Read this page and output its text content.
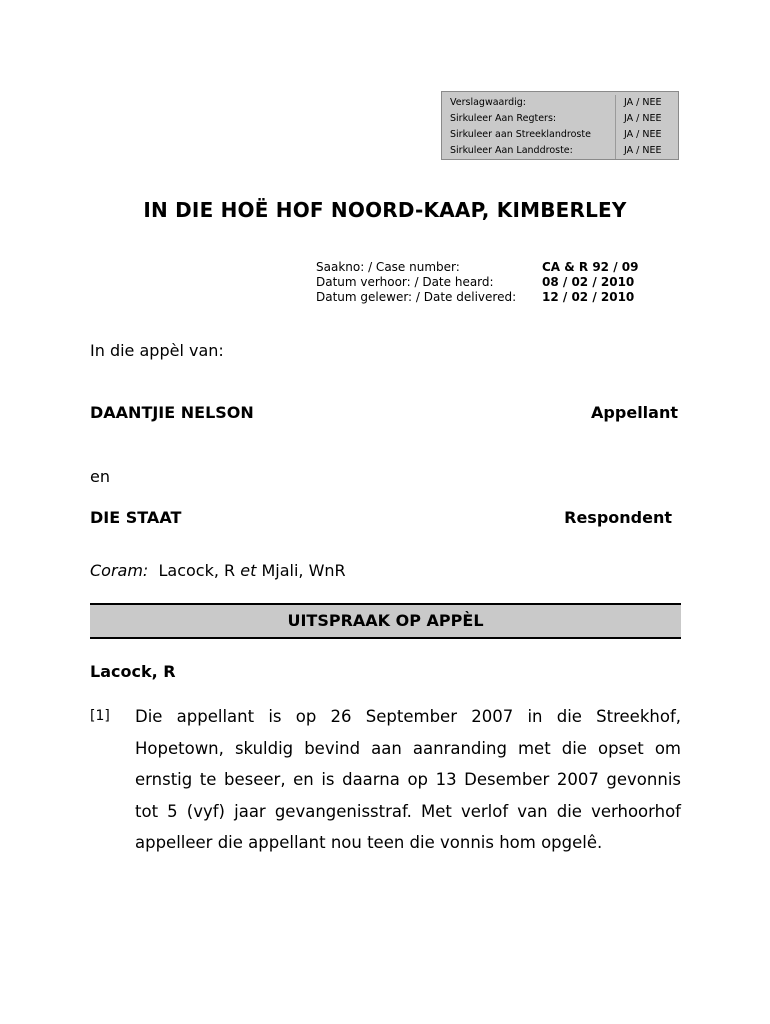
Verslagwaardig:	JA / NEE
Sirkuleer Aan Regters:	JA / NEE
Sirkuleer aan Streeklandroste	JA / NEE
Sirkuleer Aan Landdroste:	JA / NEE
IN DIE HOË HOF NOORD-KAAP, KIMBERLEY
Saakno: / Case number:	CA & R 92 / 09
Datum verhoor: / Date heard:	08 / 02 / 2010
Datum gelewer: / Date delivered:	12 / 02 / 2010
In die appèl van:
DAANTJIE NELSON	Appellant
en
DIE STAAT	Respondent
Coram: Lacock, R et Mjali, WnR
UITSPRAAK OP APPÈL
Lacock, R
[1]	Die appellant is op 26 September 2007 in die Streekhof, Hopetown, skuldig bevind aan aanranding met die opset om ernstig te beseer, en is daarna op 13 Desember 2007 gevonnis tot 5 (vyf) jaar gevangenisstraf. Met verlof van die verhoorhof appelleer die appellant nou teen die vonnis hom opgelê.
